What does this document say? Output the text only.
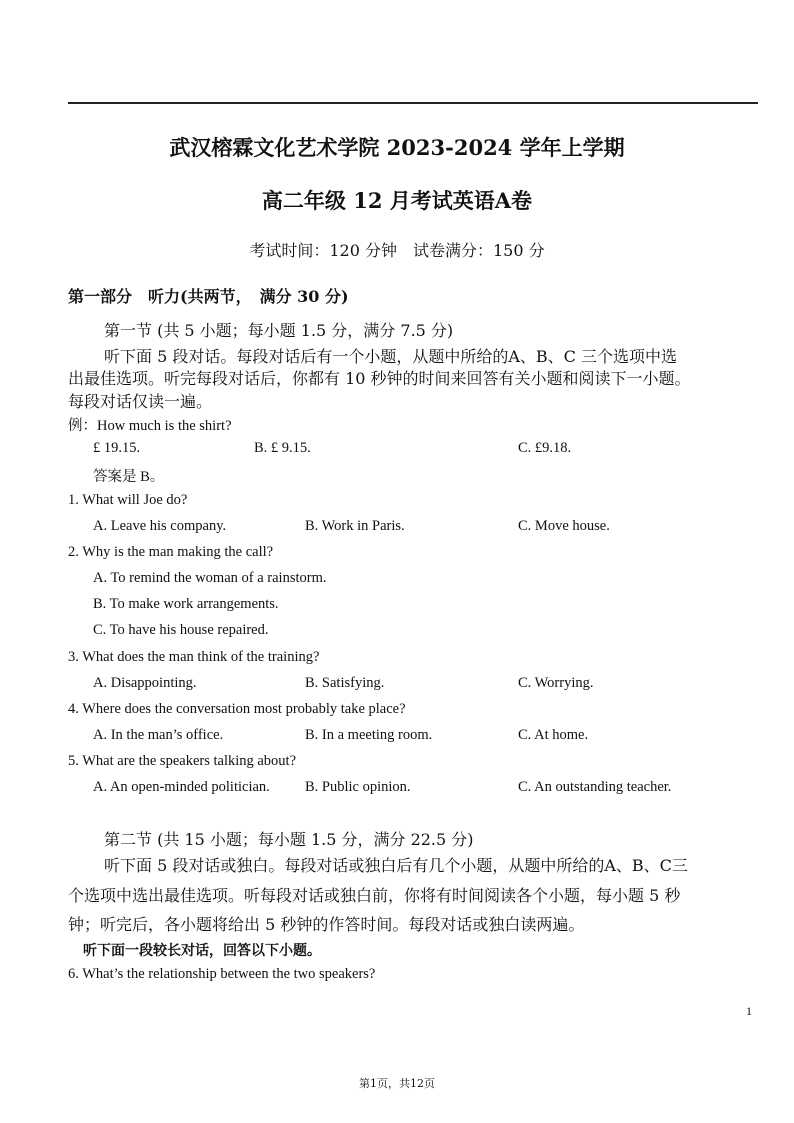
武汉榕霖文化艺术学院 2023-2024 学年上学期
高二年级 12 月考试英语A卷
考试时间：120 分钟　试卷满分：150 分
第一部分　听力(共两节，　满分 30 分)
第一节 (共 5 小题；每小题 1.5 分，满分 7.5 分)
听下面 5 段对话。每段对话后有一个小题，从题中所给的A、B、C 三个选项中选
出最佳选项。听完每段对话后，你都有 10 秒钟的时间来回答有关小题和阅读下一小题。
每段对话仅读一遍。
例：How much is the shirt?
£ 19.15.	B. £ 9.15.	C. £9.18.
答案是 B。
1. What will Joe do?
A. Leave his company.	B. Work in Paris.	C. Move house.
2. Why is the man making the call?
A. To remind the woman of a rainstorm.
B. To make work arrangements.
C. To have his house repaired.
3. What does the man think of the training?
A. Disappointing.	B. Satisfying.	C. Worrying.
4. Where does the conversation most probably take place?
A. In the man’s office.	B. In a meeting room.	C. At home.
5. What are the speakers talking about?
A. An open-minded politician. B. Public opinion.	C. An outstanding teacher.
第二节 (共 15 小题；每小题 1.5 分，满分 22.5 分)
听下面 5 段对话或独白。每段对话或独白后有几个小题，从题中所给的A、B、C三
个选项中选出最佳选项。听每段对话或独白前，你将有时间阅读各个小题，每小题 5 秒
钟；听完后，各小题将给出 5 秒钟的作答时间。每段对话或独白读两遍。
听下面一段较长对话，回答以下小题。
6. What’s the relationship between the two speakers?
1
第1页，共12页
